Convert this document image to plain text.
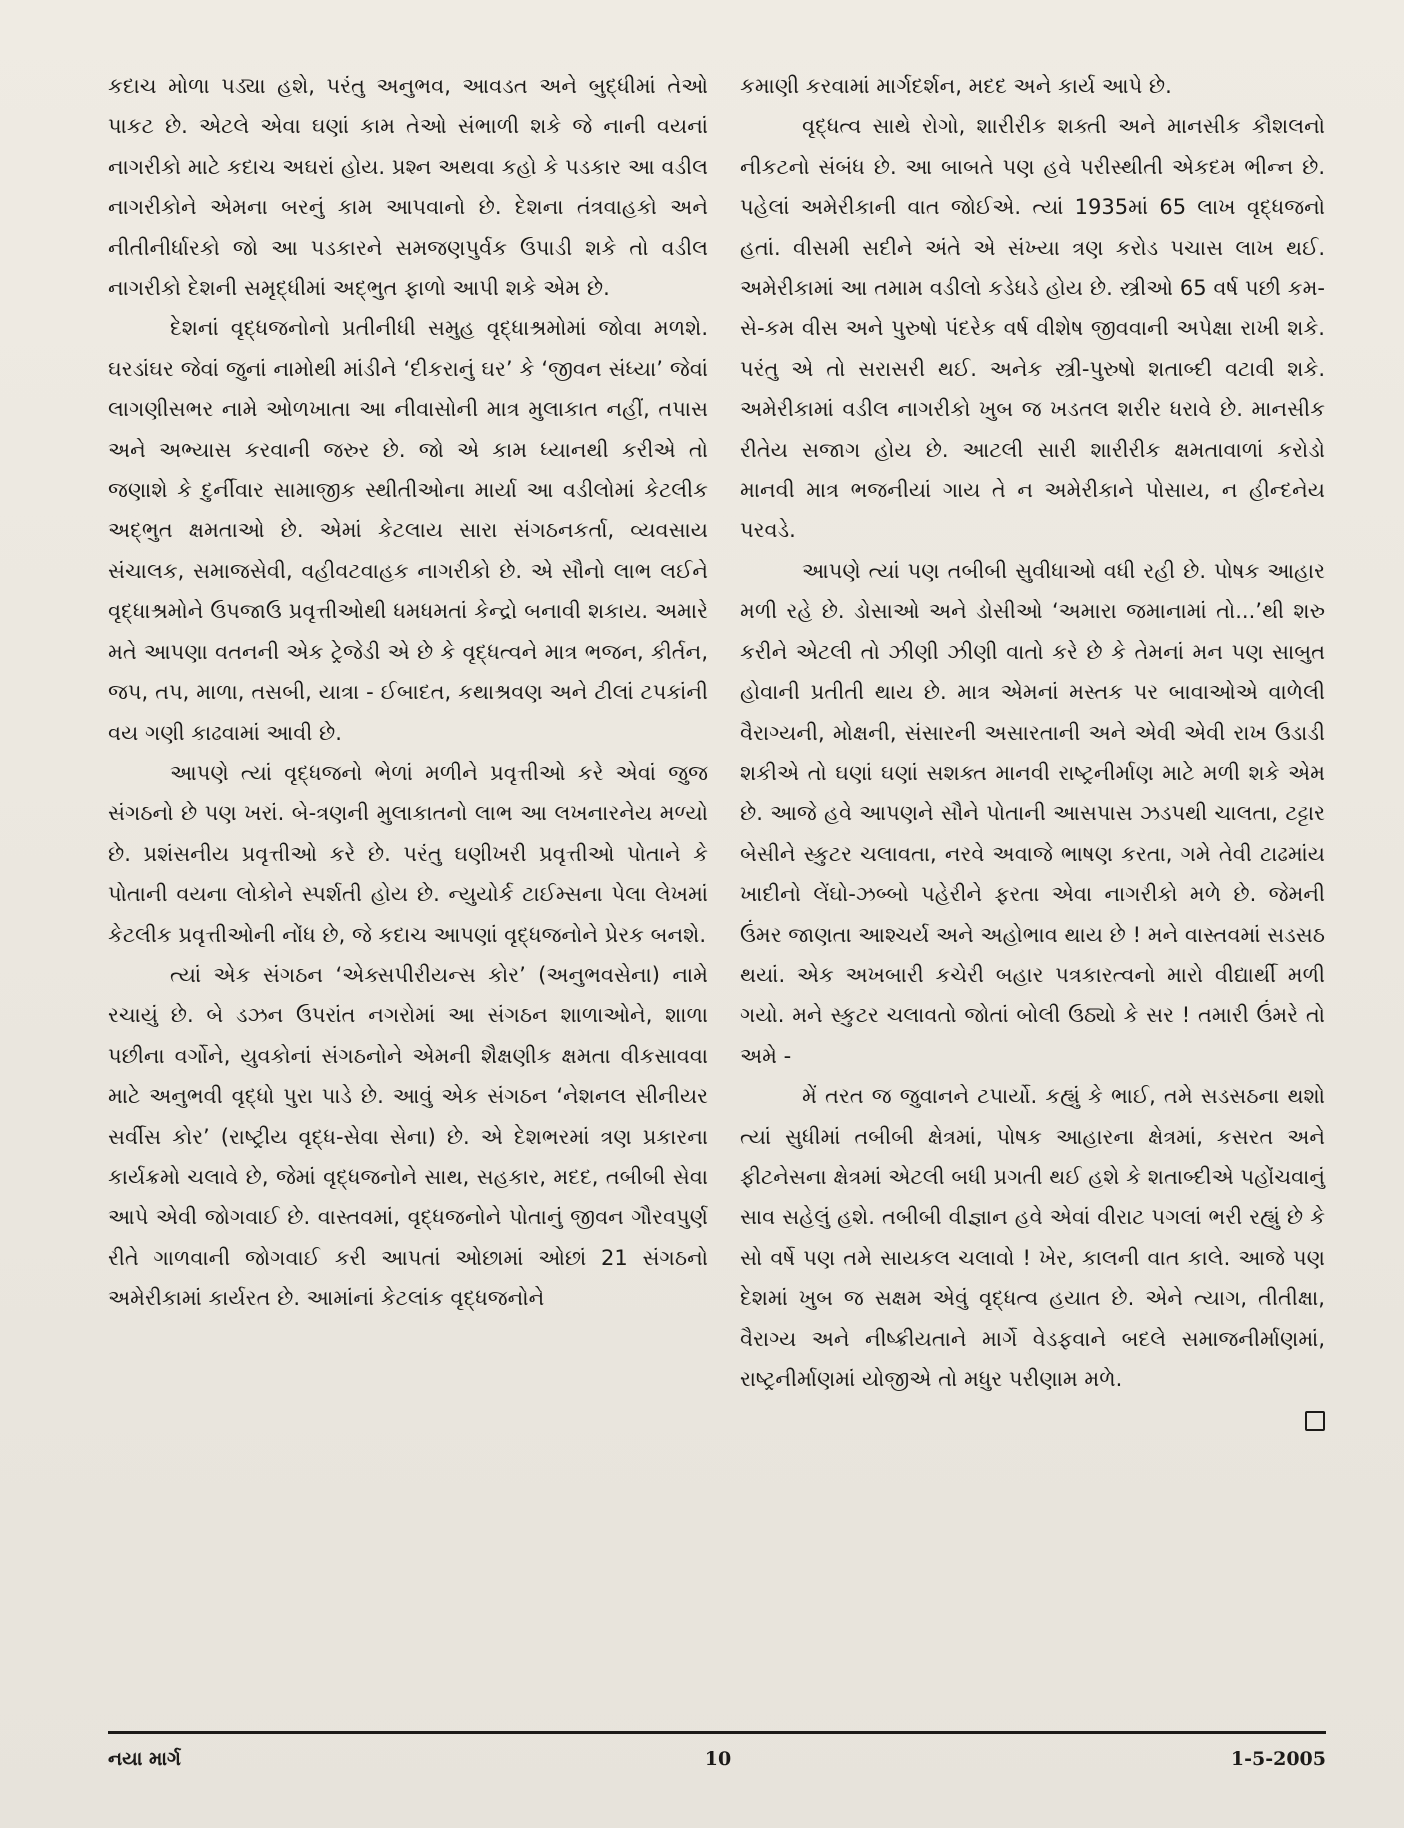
કદાચ મોળા પડ્યા હશે, પરંતુ અનુભવ, આવડત અને બુદ્ધીમાં તેઓ પાકટ છે. એટલે એવા ઘણાં કામ તેઓ સંભાળી શકે જે નાની વયનાં નાગરીકો માટે કદાચ અઘરાં હોય. પ્રશ્ન અથવા કહો કે પડકાર આ વડીલ નાગરીકોને એમના બરનું કામ આપવાનો છે. દેશના તંત્રવાહકો અને નીતીનીર્ધારકો જો આ પડકારને સમજણપુર્વક ઉપાડી શકે તો વડીલ નાગરીકો દેશની સમૃદ્ધીમાં અદ્ભુત ફાળો આપી શકે એમ છે.

દેશનાં વૃદ્ધજનોનો પ્રતીનીધી સમુહ વૃદ્ધાશ્રમોમાં જોવા મળશે. ઘરડાંઘર જેવાં જુનાં નામોથી માંડીને ‘દીકરાનું ઘર’ કે ‘જીવન સંધ્યા’ જેવાં લાગણીસભર નામે ઓળખાતા આ નીવાસોની માત્ર મુલાકાત નહીં, તપાસ અને અભ્યાસ કરવાની જરુર છે. જો એ કામ ધ્યાનથી કરીએ તો જણાશે કે દુર્નીવાર સામાજીક સ્થીતીઓના માર્યા આ વડીલોમાં કેટલીક અદ્ભુત ક્ષમતાઓ છે. એમાં કેટલાય સારા સંગઠનકર્તા, વ્યવસાય સંચાલક, સમાજસેવી, વહીવટવાહક નાગરીકો છે. એ સૌનો લાભ લઈને વૃદ્ધાશ્રમોને ઉપજાઉ પ્રવૃત્તીઓથી ધમધમતાં કેન્દ્રો બનાવી શકાય. અમારે મતે આપણા વતનની એક ટ્રેજેડી એ છે કે વૃદ્ધત્વને માત્ર ભજન, કીર્તન, જપ, તપ, માળા, તસબી, યાત્રા - ઈબાદત, કથાશ્રવણ અને ટીલાં ટપકાંની વય ગણી કાઢવામાં આવી છે.

આપણે ત્યાં વૃદ્ધજનો ભેળાં મળીને પ્રવૃત્તીઓ કરે એવાં જુજ સંગઠનો છે પણ ખરાં. બે-ત્રણની મુલાકાતનો લાભ આ લખનારનેય મળ્યો છે. પ્રશંસનીય પ્રવૃત્તીઓ કરે છે. પરંતુ ઘણીખરી પ્રવૃત્તીઓ પોતાને કે પોતાની વયના લોકોને સ્પર્શતી હોય છે. ન્યુયોર્ક ટાઈમ્સના પેલા લેખમાં કેટલીક પ્રવૃત્તીઓની નોંધ છે, જે કદાચ આપણાં વૃદ્ધજનોને પ્રેરક બનશે.

ત્યાં એક સંગઠન ‘એક્સપીરીયન્સ કોર’ (અનુભવસેના) નામે રચાયું છે. બે ડઝન ઉપરાંત નગરોમાં આ સંગઠન શાળાઓને, શાળા પછીના વર્ગોને, યુવકોનાં સંગઠનોને એમની શૈક્ષણીક ક્ષમતા વીકસાવવા માટે અનુભવી વૃદ્ધો પુરા પાડે છે. આવું એક સંગઠન ‘નેશનલ સીનીયર સર્વીસ કોર’ (રાષ્ટ્રીય વૃદ્ધ-સેવા સેના) છે. એ દેશભરમાં ત્રણ પ્રકારના કાર્યક્રમો ચલાવે છે, જેમાં વૃદ્ધજનોને સાથ, સહકાર, મદદ, તબીબી સેવા આપે એવી જોગવાઈ છે. વાસ્તવમાં, વૃદ્ધજનોને પોતાનું જીવન ગૌરવપુર્ણ રીતે ગાળવાની જોગવાઈ કરી આપતાં ઓછામાં ઓછાં 21 સંગઠનો અમેરીકામાં કાર્યરત છે. આમાંનાં કેટલાંક વૃદ્ધજનોને

કમાણી કરવામાં માર્ગદર્શન, મદદ અને કાર્ય આપે છે.

વૃદ્ધત્વ સાથે રોગો, શારીરીક શક્તી અને માનસીક કૌશલનો નીકટનો સંબંધ છે. આ બાબતે પણ હવે પરીસ્થીતી એકદમ ભીન્ન છે. પહેલાં અમેરીકાની વાત જોઈએ. ત્યાં 1935માં 65 લાખ વૃદ્ધજનો હતાં. વીસમી સદીને અંતે એ સંખ્યા ત્રણ કરોડ પચાસ લાખ થઈ. અમેરીકામાં આ તમામ વડીલો કડેધડે હોય છે. સ્ત્રીઓ 65 વર્ષ પછી કમ-સે-કમ વીસ અને પુરુષો પંદરેક વર્ષ વીશેષ જીવવાની અપેક્ષા રાખી શકે. પરંતુ એ તો સરાસરી થઈ. અનેક સ્ત્રી-પુરુષો શતાબ્દી વટાવી શકે. અમેરીકામાં વડીલ નાગરીકો ખુબ જ ખડતલ શરીર ધરાવે છે. માનસીક રીતેય સજાગ હોય છે. આટલી સારી શારીરીક ક્ષમતાવાળાં કરોડો માનવી માત્ર ભજનીયાં ગાય તે ન અમેરીકાને પોસાય, ન હીન્દનેય પરવડે.

આપણે ત્યાં પણ તબીબી સુવીધાઓ વધી રહી છે. પોષક આહાર મળી રહે છે. ડોસાઓ અને ડોસીઓ ‘અમારા જમાનામાં તો...’થી શરુ કરીને એટલી તો ઝીણી ઝીણી વાતો કરે છે કે તેમનાં મન પણ સાબુત હોવાની પ્રતીતી થાય છે. માત્ર એમનાં મસ્તક પર બાવાઓએ વાળેલી વૈરાગ્યની, મોક્ષની, સંસારની અસારતાની અને એવી એવી રાખ ઉડાડી શકીએ તો ઘણાં ઘણાં સશક્ત માનવી રાષ્ટ્રનીર્માણ માટે મળી શકે એમ છે. આજે હવે આપણને સૌને પોતાની આસપાસ ઝડપથી ચાલતા, ટટ્ટાર બેસીને સ્કુટર ચલાવતા, નરવે અવાજે ભાષણ કરતા, ગમે તેવી ટાઢમાંય ખાદીનો લેંઘો-ઝબ્બો પહેરીને ફરતા એવા નાગરીકો મળે છે. જેમની ઉંમર જાણતા આશ્ચર્ય અને અહોભાવ થાય છે ! મને વાસ્તવમાં સડસઠ થયાં. એક અખબારી કચેરી બહાર પત્રકારત્વનો મારો વીદ્યાર્થી મળી ગયો. મને સ્કુટર ચલાવતો જોતાં બોલી ઉઠ્યો કે સર ! તમારી ઉંમરે તો અમે -

મેં તરત જ જુવાનને ટપાર્યો. કહ્યું કે ભાઈ, તમે સડસઠના થશો ત્યાં સુધીમાં તબીબી ક્ષેત્રમાં, પોષક આહારના ક્ષેત્રમાં, કસરત અને ફીટનેસના ક્ષેત્રમાં એટલી બધી પ્રગતી થઈ હશે કે શતાબ્દીએ પહોંચવાનું સાવ સહેલું હશે. તબીબી વીજ્ઞાન હવે એવાં વીરાટ પગલાં ભરી રહ્યું છે કે સો વર્ષે પણ તમે સાયકલ ચલાવો ! ખેર, કાલની વાત કાલે. આજે પણ દેશમાં ખુબ જ સક્ષમ એવું વૃદ્ધત્વ હયાત છે. એને ત્યાગ, તીતીક્ષા, વૈરાગ્ય અને નીષ્ક્રીયતાને માર્ગે વેડફવાને બદલે સમાજનીર્માણમાં, રાષ્ટ્રનીર્માણમાં યોજીએ તો મધુર પરીણામ મળે.

નયા માર્ગ	10	1-5-2005
